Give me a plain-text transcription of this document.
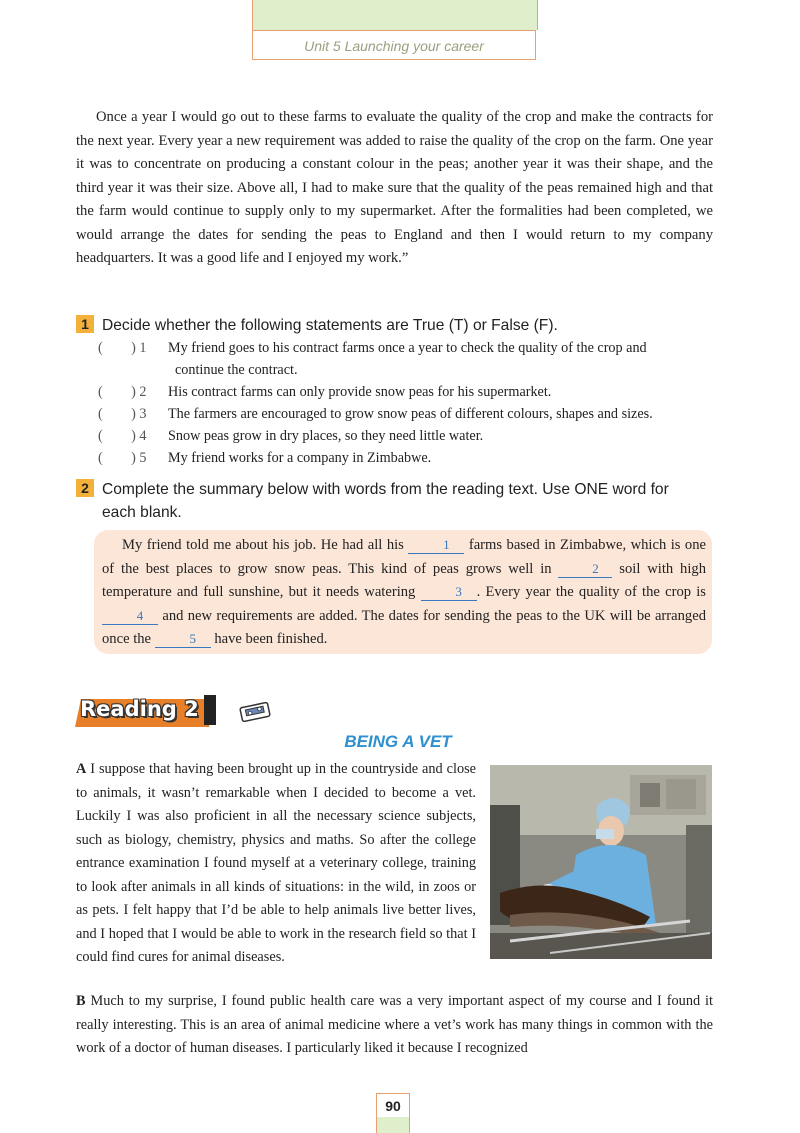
Unit 5 Launching your career

Once a year I would go out to these farms to evaluate the quality of the crop and make the contracts for the next year. Every year a new requirement was added to raise the quality of the crop on the farm. One year it was to concentrate on producing a constant colour in the peas; another year it was their shape, and the third year it was their size. Above all, I had to make sure that the quality of the peas remained high and that the farm would continue to supply only to my supermarket. After the formalities had been completed, we would arrange the dates for sending the peas to England and then I would return to my company headquarters. It was a good life and I enjoyed my work.”

1 Decide whether the following statements are True (T) or False (F).
(        ) 1	My friend goes to his contract farms once a year to check the quality of the crop and
continue the contract.
(        ) 2	His contract farms can only provide snow peas for his supermarket.
(        ) 3	The farmers are encouraged to grow snow peas of different colours, shapes and sizes.
(        ) 4	Snow peas grow in dry places, so they need little water.
(        ) 5	My friend works for a company in Zimbabwe.
2 Complete the summary below with words from the reading text. Use ONE word for
each blank.

My friend told me about his job. He had all his	1 farms based in Zimbabwe, which is one of the best places to grow snow peas. This kind of peas grows well in	2 soil with high temperature and full sunshine, but it needs watering	3 . Every year the quality of the crop is 4 and new requirements are added. The dates for sending the peas to the UK will be arranged once the	5 have been finished.

Reading 2
BEING A VET
A I suppose that having been brought up in the countryside and close to animals, it wasn’t remarkable when I decided to become a vet. Luckily I was also proficient in all the necessary science subjects, such as biology, chemistry, physics and maths. So after the college entrance examination I found myself at a veterinary college, training to look after animals in all kinds of situations: in the wild, in zoos or as pets. I felt happy that I’d be able to help animals live better lives, and I hoped that I would be able to work in the research field so that I could find cures for animal diseases.
B Much to my surprise, I found public health care was a very important aspect of my course and I found it really interesting. This is an area of animal medicine where a vet’s work has many things in common with the work of a doctor of human diseases. I particularly liked it because I recognized
90
